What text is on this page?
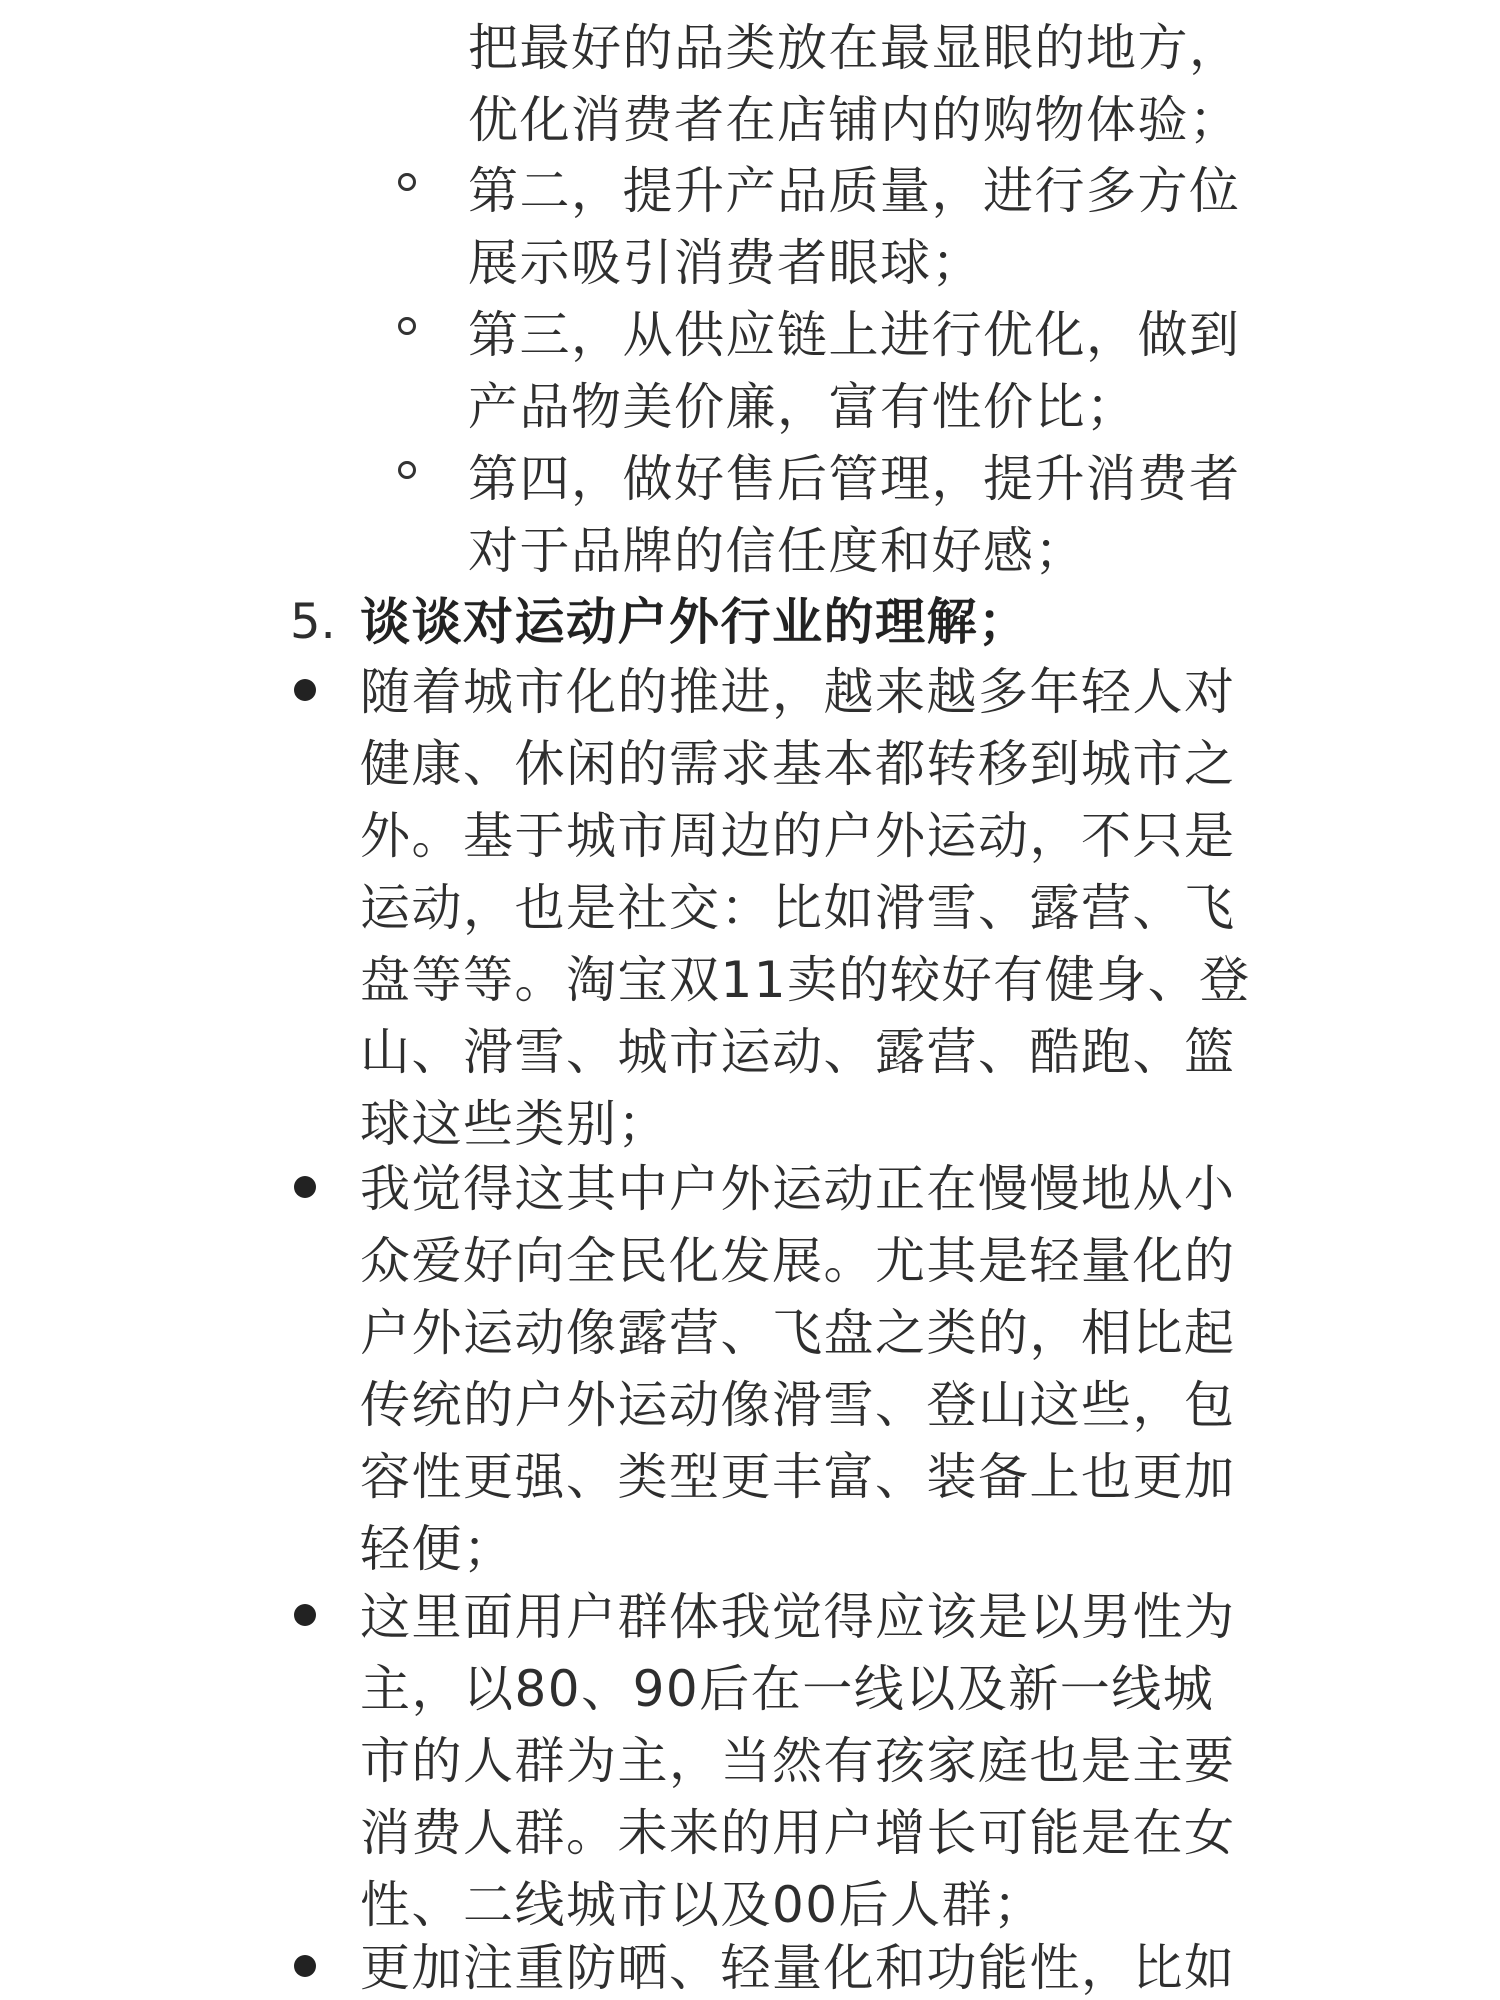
把最好的品类放在最显眼的地方，
优化消费者在店铺内的购物体验；
第二，提升产品质量，进行多方位
展示吸引消费者眼球；
第三，从供应链上进行优化，做到
产品物美价廉，富有性价比；
第四，做好售后管理，提升消费者
对于品牌的信任度和好感；
5. 谈谈对运动户外行业的理解；
随着城市化的推进，越来越多年轻人对
健康、休闲的需求基本都转移到城市之
外。基于城市周边的户外运动，不只是
运动，也是社交：比如滑雪、露营、飞
盘等等。淘宝双11卖的较好有健身、登
山、滑雪、城市运动、露营、酷跑、篮
球这些类别；
我觉得这其中户外运动正在慢慢地从小
众爱好向全民化发展。尤其是轻量化的
户外运动像露营、飞盘之类的，相比起
传统的户外运动像滑雪、登山这些，包
容性更强、类型更丰富、装备上也更加
轻便；
这里面用户群体我觉得应该是以男性为
主，以80、90后在一线以及新一线城
市的人群为主，当然有孩家庭也是主要
消费人群。未来的用户增长可能是在女
性、二线城市以及00后人群；
更加注重防晒、轻量化和功能性，比如
